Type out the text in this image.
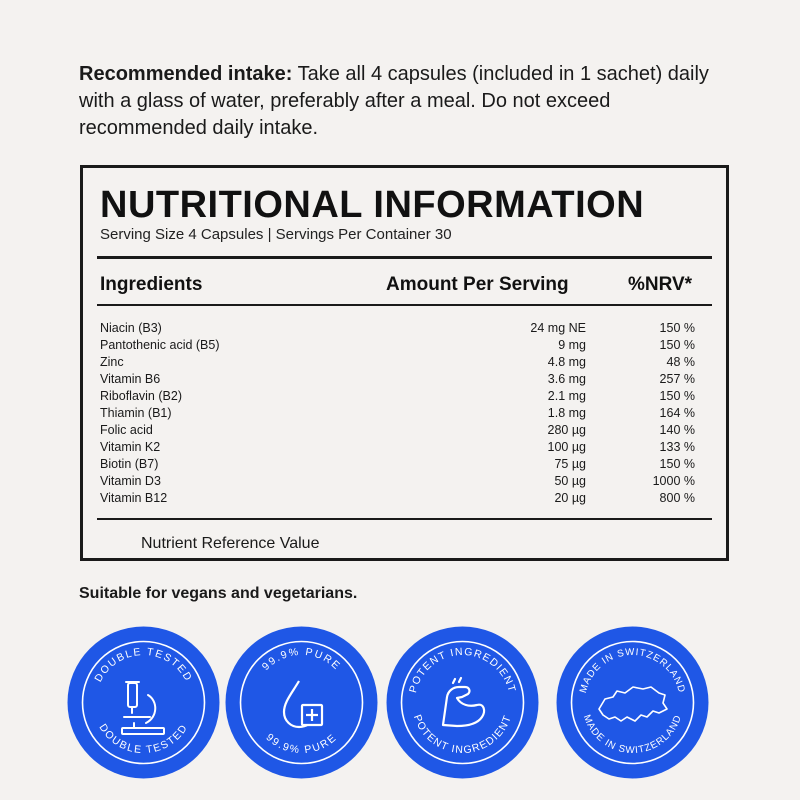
Recommended intake: Take all 4 capsules (included in 1 sachet) daily with a glass of water, preferably after a meal. Do not exceed recommended daily intake.
NUTRITIONAL INFORMATION
Serving Size 4 Capsules | Servings Per Container 30
Ingredients	Amount Per Serving	%NRV*
Niacin (B3)	24 mg NE	150 %
Pantothenic acid (B5)	9 mg	150 %
Zinc	4.8 mg	48 %
Vitamin B6	3.6 mg	257 %
Riboflavin (B2)	2.1 mg	150 %
Thiamin (B1)	1.8 mg	164 %
Folic acid	280 µg	140 %
Vitamin K2	100 µg	133 %
Biotin (B7)	75 µg	150 %
Vitamin D3	50 µg	1000 %
Vitamin B12	20 µg	800 %
Nutrient Reference Value
Suitable for vegans and vegetarians.
DOUBLE TESTED
DOUBLE TESTED
99.9% PURE
99.9% PURE
POTENT INGREDIENT
POTENT INGREDIENT
MADE IN SWITZERLAND
MADE IN SWITZERLAND
